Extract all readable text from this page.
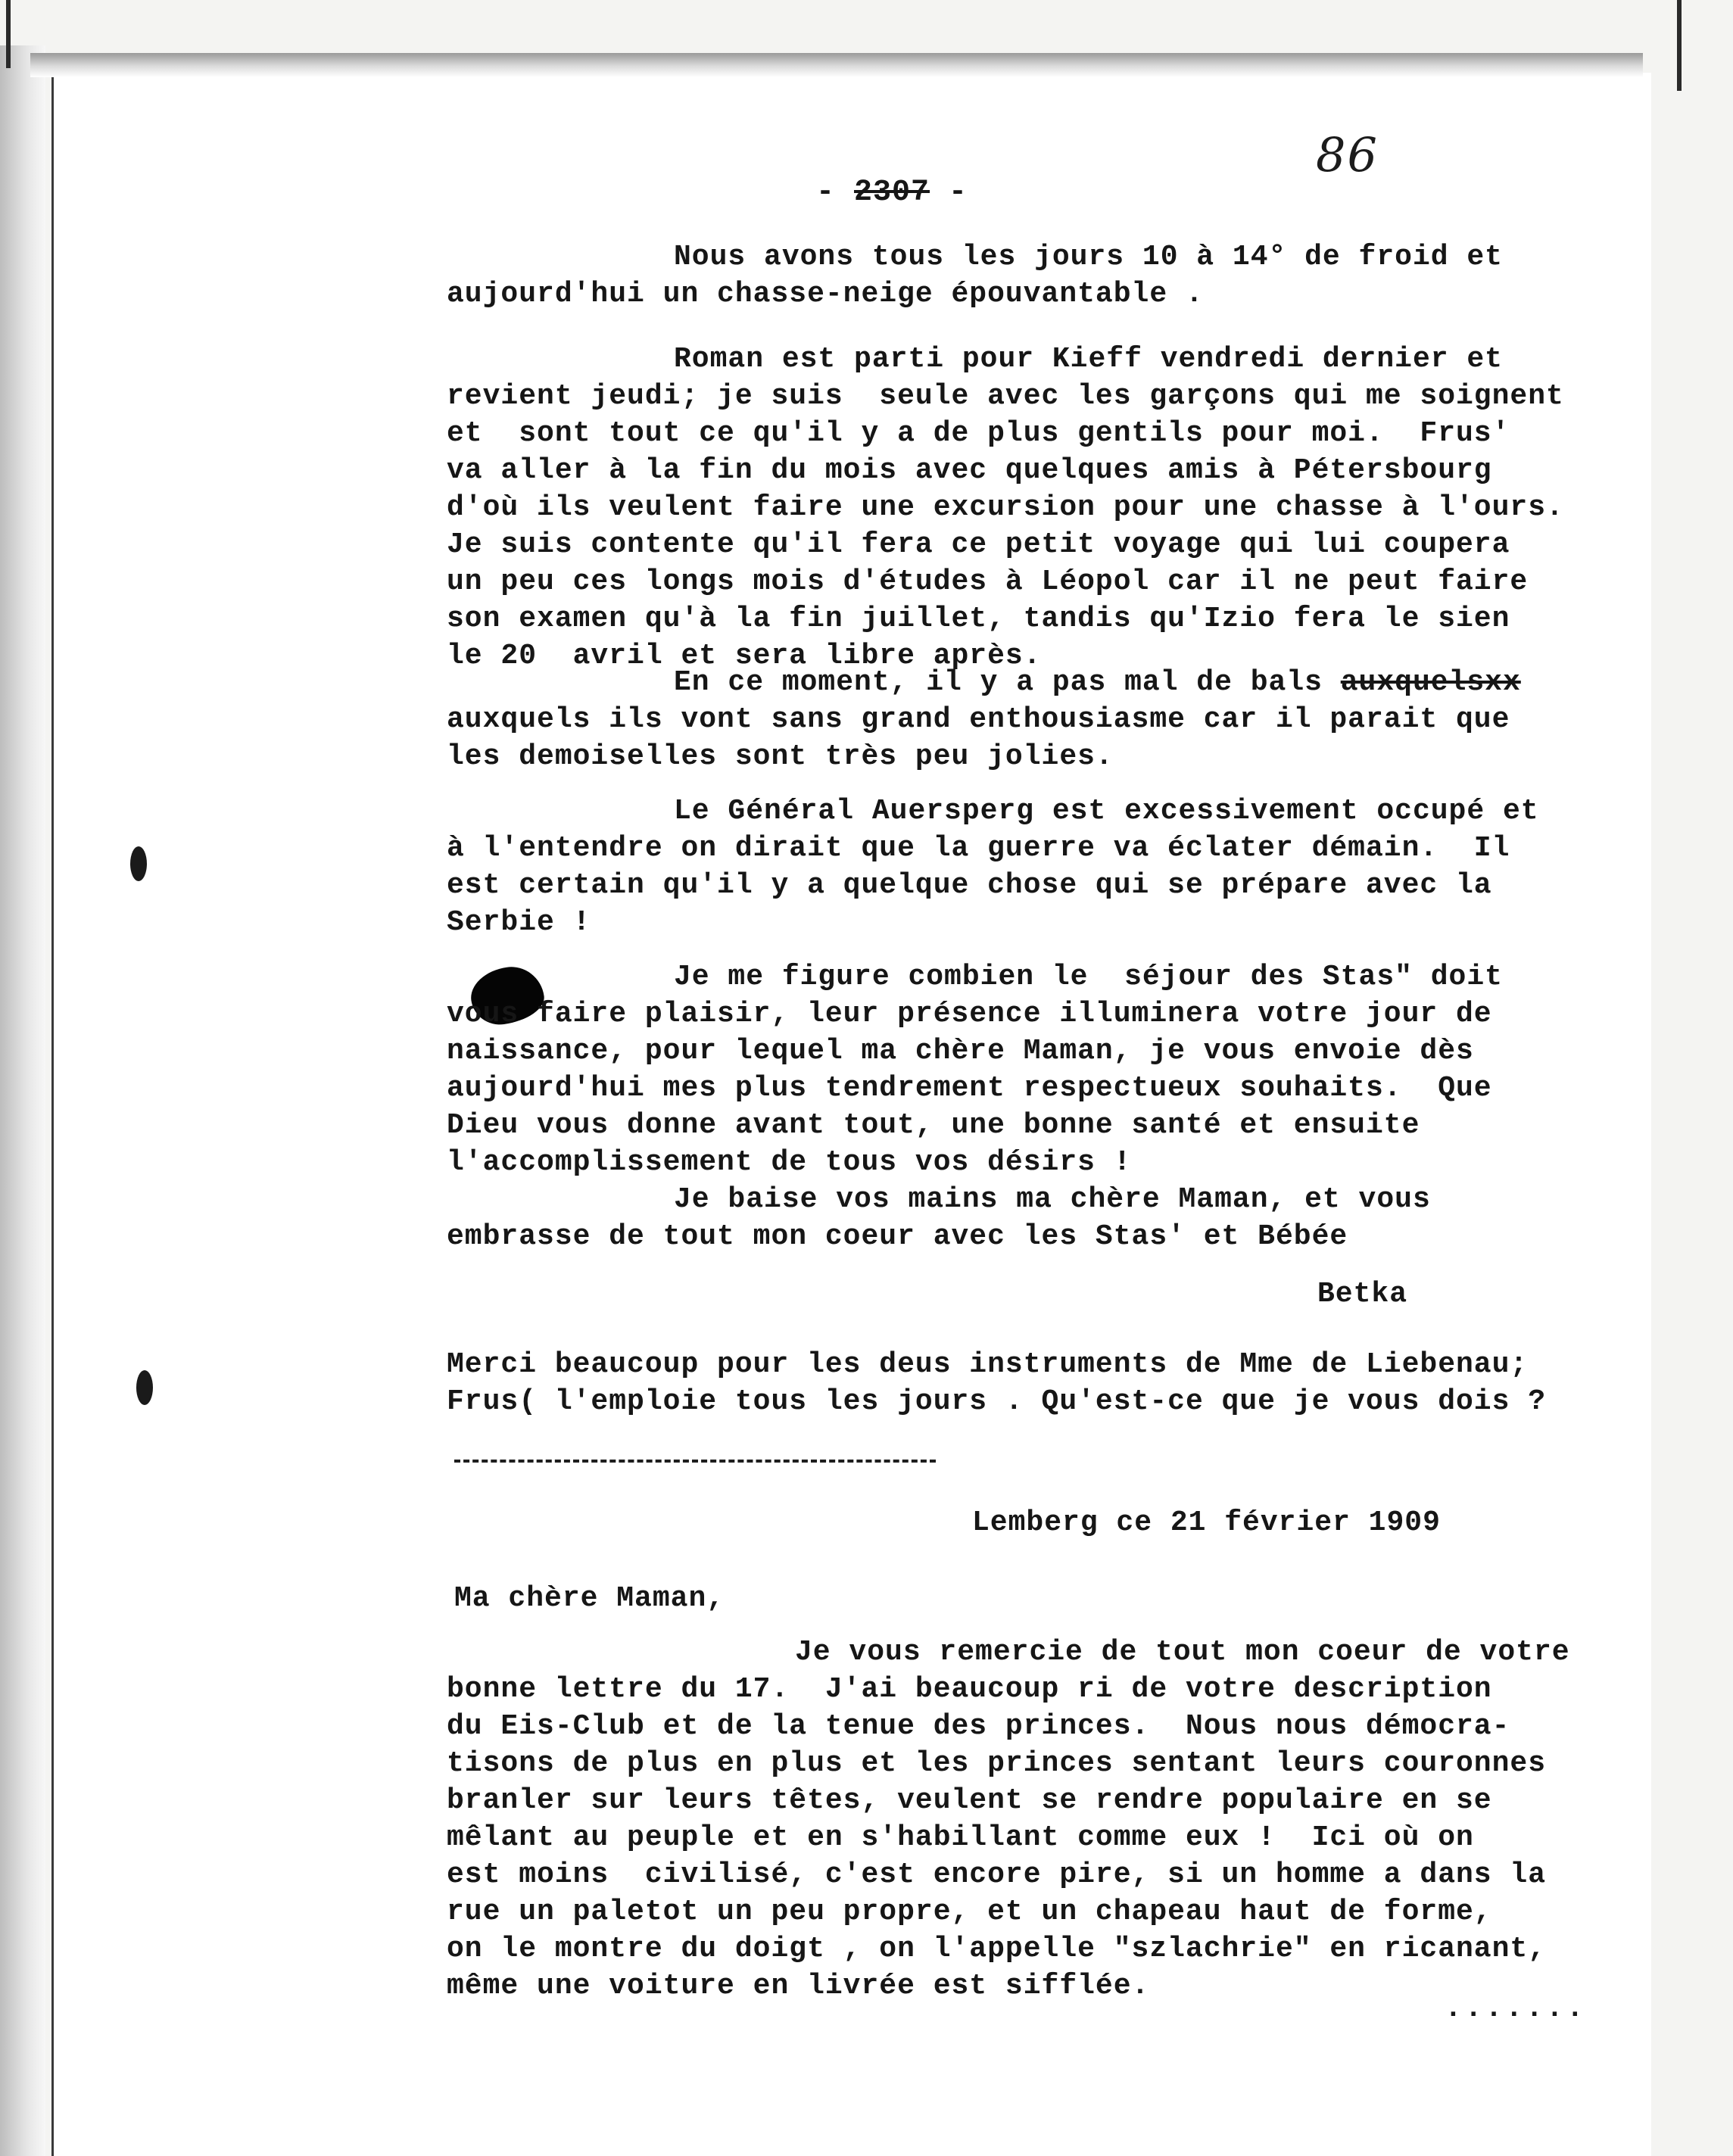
86
- 2307 -
Nous avons tous les jours 10 à 14° de froid et
aujourd'hui un chasse-neige épouvantable .
Roman est parti pour Kieff vendredi dernier et
revient jeudi; je suis  seule avec les garçons qui me soignent
et  sont tout ce qu'il y a de plus gentils pour moi.  Frus'
va aller à la fin du mois avec quelques amis à Pétersbourg
d'où ils veulent faire une excursion pour une chasse à l'ours.
Je suis contente qu'il fera ce petit voyage qui lui coupera
un peu ces longs mois d'études à Léopol car il ne peut faire
son examen qu'à la fin juillet, tandis qu'Izio fera le sien
le 20  avril et sera libre après.
En ce moment, il y a pas mal de bals auxquelsxx
auxquels ils vont sans grand enthousiasme car il parait que
les demoiselles sont très peu jolies.
Le Général Auersperg est excessivement occupé et
à l'entendre on dirait que la guerre va éclater démain.  Il
est certain qu'il y a quelque chose qui se prépare avec la
Serbie !
Je me figure combien le  séjour des Stas" doit
vous faire plaisir, leur présence illuminera votre jour de
naissance, pour lequel ma chère Maman, je vous envoie dès
aujourd'hui mes plus tendrement respectueux souhaits.  Que
Dieu vous donne avant tout, une bonne santé et ensuite
l'accomplissement de tous vos désirs !
Je baise vos mains ma chère Maman, et vous
embrasse de tout mon coeur avec les Stas' et Bébée
Betka
Merci beaucoup pour les deus instruments de Mme de Liebenau;
Frus( l'emploie tous les jours . Qu'est-ce que je vous dois ?
Lemberg ce 21 février 1909
Ma chère Maman,
Je vous remercie de tout mon coeur de votre
bonne lettre du 17.  J'ai beaucoup ri de votre description
du Eis-Club et de la tenue des princes.  Nous nous démocra-
tisons de plus en plus et les princes sentant leurs couronnes
branler sur leurs têtes, veulent se rendre populaire en se
mêlant au peuple et en s'habillant comme eux !  Ici où on
est moins  civilisé, c'est encore pire, si un homme a dans la
rue un paletot un peu propre, et un chapeau haut de forme,
on le montre du doigt , on l'appelle "szlachrie" en ricanant,
même une voiture en livrée est sifflée.
.......
